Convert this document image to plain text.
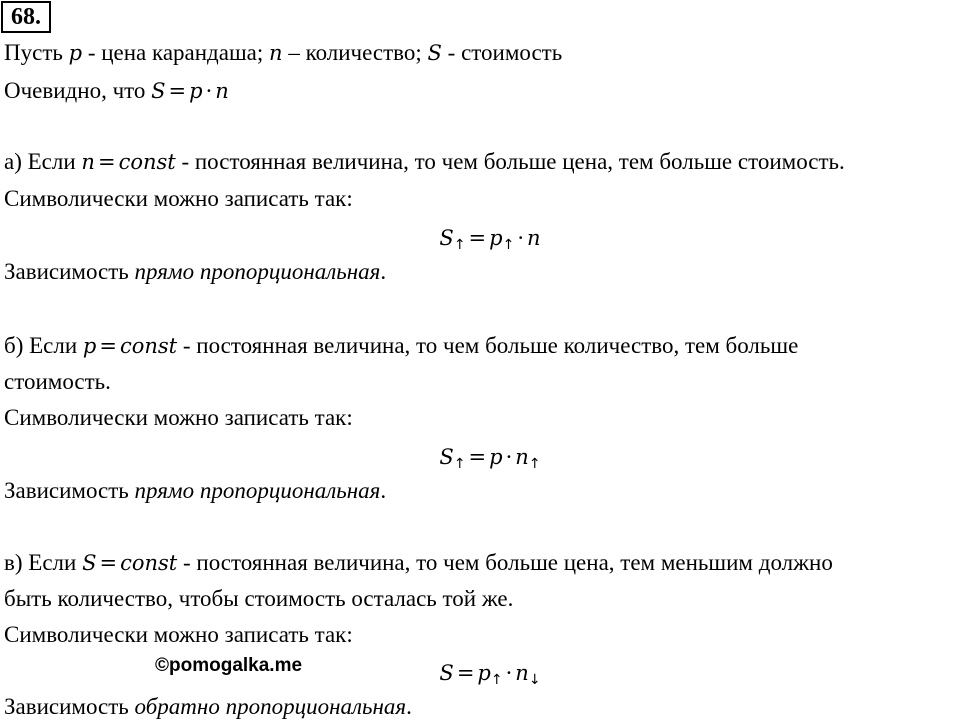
68.
Пусть p - цена карандаша; n – количество; S - стоимость
Очевидно, что S = p · n
а) Если n = const - постоянная величина, то чем больше цена, тем больше стоимость.
Символически можно записать так:
$S_↑ = p_↑ \cdot n$
Зависимость прямо пропорциональная.
б) Если p = const - постоянная величина, то чем больше количество, тем больше
стоимость.
Символически можно записать так:
$S_↑ = p \cdot n_↑$
Зависимость прямо пропорциональная.
в) Если S = const - постоянная величина, то чем больше цена, тем меньшим должно
быть количество, чтобы стоимость осталась той же.
Символически можно записать так:
©pomogalka.me	$S = p_↑ \cdot n_↓$
Зависимость обратно пропорциональная.
